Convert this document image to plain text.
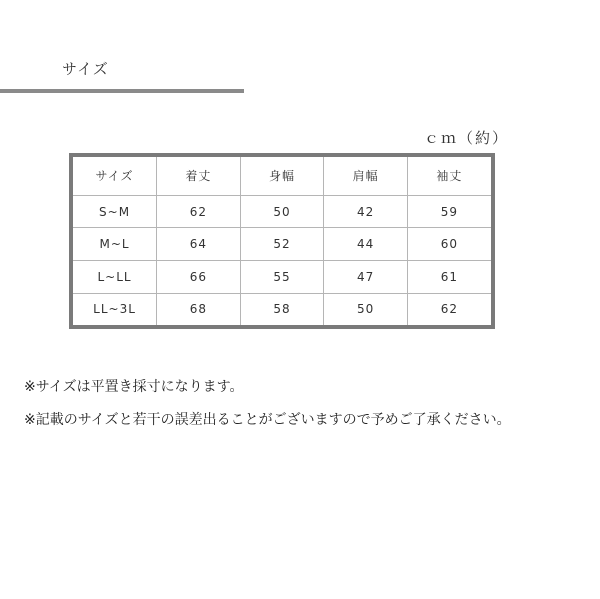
サイズ
ｃｍ（約）
サイズ	着丈	身幅	肩幅	袖丈
S~M	62	50	42	59
M~L	64	52	44	60
L~LL	66	55	47	61
LL~3L	68	58	50	62
※サイズは平置き採寸になります。
※記載のサイズと若干の誤差出ることがございますので予めご了承ください。
